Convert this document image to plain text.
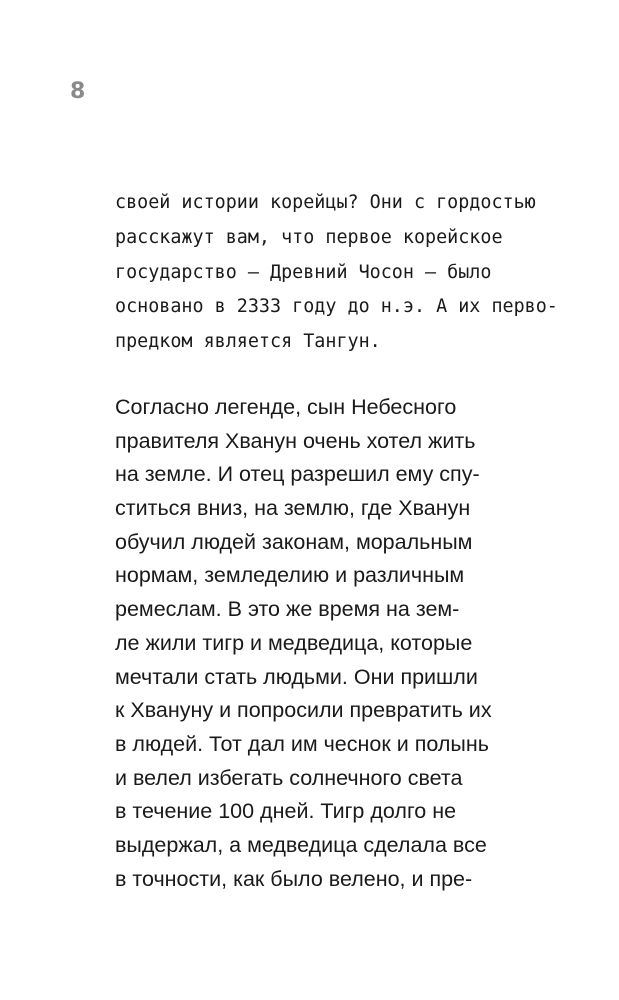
8
своей истории корейцы? Они с гордостью
расскажут вам, что первое корейское
государство — Древний Чосон — было
основано в 2333 году до н.э. А их перво-
предком является Тангун.
Согласно легенде, сын Небесного
правителя Хванун очень хотел жить
на земле. И отец разрешил ему спу-
ститься вниз, на землю, где Хванун
обучил людей законам, моральным
нормам, земледелию и различным
ремеслам. В это же время на зем-
ле жили тигр и медведица, которые
мечтали стать людьми. Они пришли
к Хвануну и попросили превратить их
в людей. Тот дал им чеснок и полынь
и велел избегать солнечного света
в течение 100 дней. Тигр долго не
выдержал, а медведица сделала все
в точности, как было велено, и пре-
